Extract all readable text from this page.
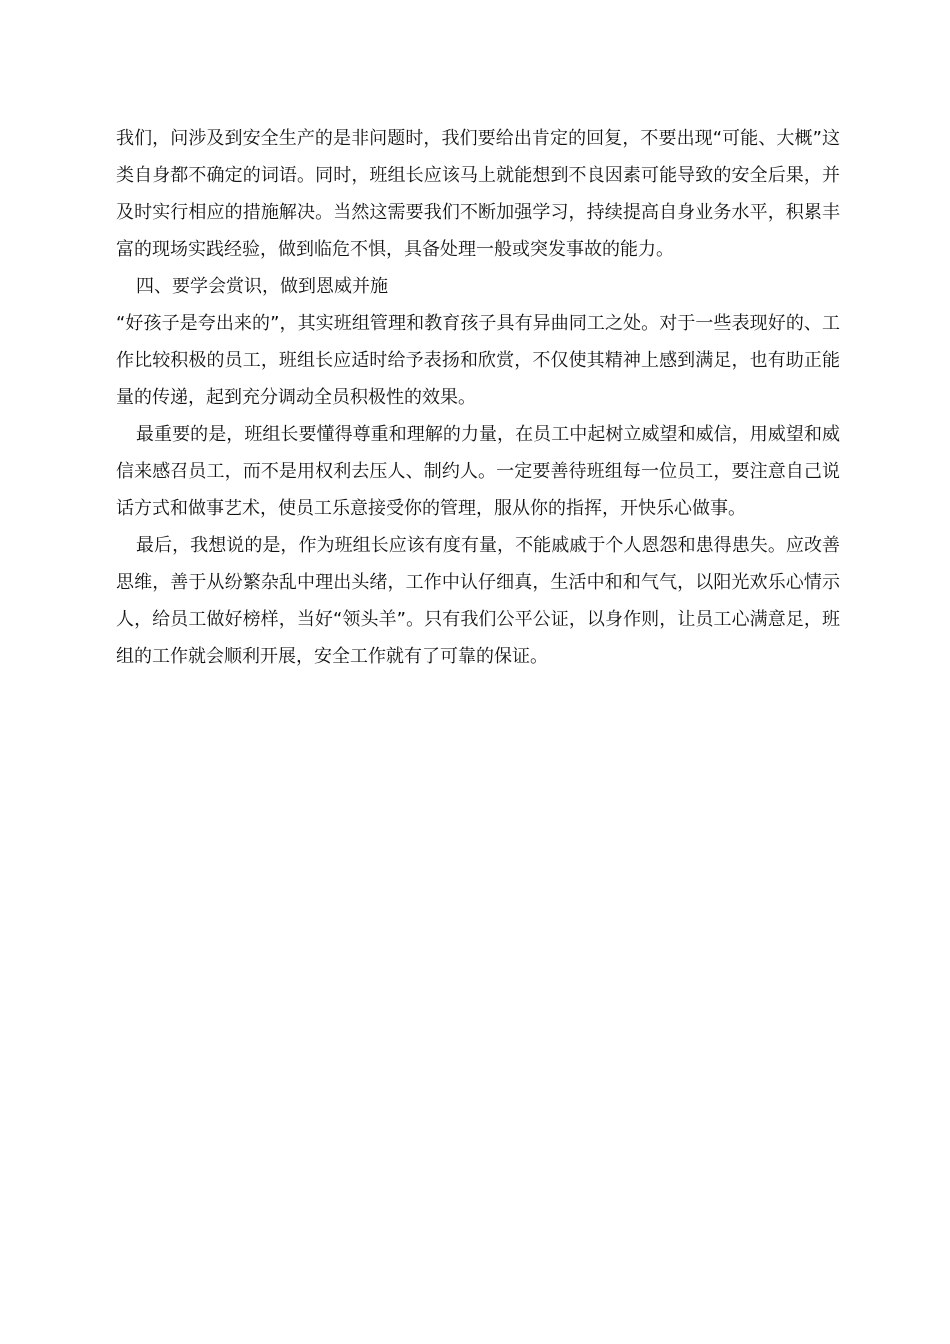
我们，问涉及到安全生产的是非问题时，我们要给出肯定的回复，不要出现“可能、大概”这类自身都不确定的词语。同时，班组长应该马上就能想到不良因素可能导致的安全后果，并及时实行相应的措施解决。当然这需要我们不断加强学习，持续提高自身业务水平，积累丰富的现场实践经验，做到临危不惧，具备处理一般或突发事故的能力。

四、要学会赏识，做到恩威并施

“好孩子是夸出来的”，其实班组管理和教育孩子具有异曲同工之处。对于一些表现好的、工作比较积极的员工，班组长应适时给予表扬和欣赏，不仅使其精神上感到满足，也有助正能量的传递，起到充分调动全员积极性的效果。

最重要的是，班组长要懂得尊重和理解的力量，在员工中起树立威望和威信，用威望和威信来感召员工，而不是用权利去压人、制约人。一定要善待班组每一位员工，要注意自己说话方式和做事艺术，使员工乐意接受你的管理，服从你的指挥，开快乐心做事。

最后，我想说的是，作为班组长应该有度有量，不能戚戚于个人恩怨和患得患失。应改善思维，善于从纷繁杂乱中理出头绪，工作中认仔细真，生活中和和气气，以阳光欢乐心情示人，给员工做好榜样，当好“领头羊”。只有我们公平公证，以身作则，让员工心满意足，班组的工作就会顺利开展，安全工作就有了可靠的保证。
